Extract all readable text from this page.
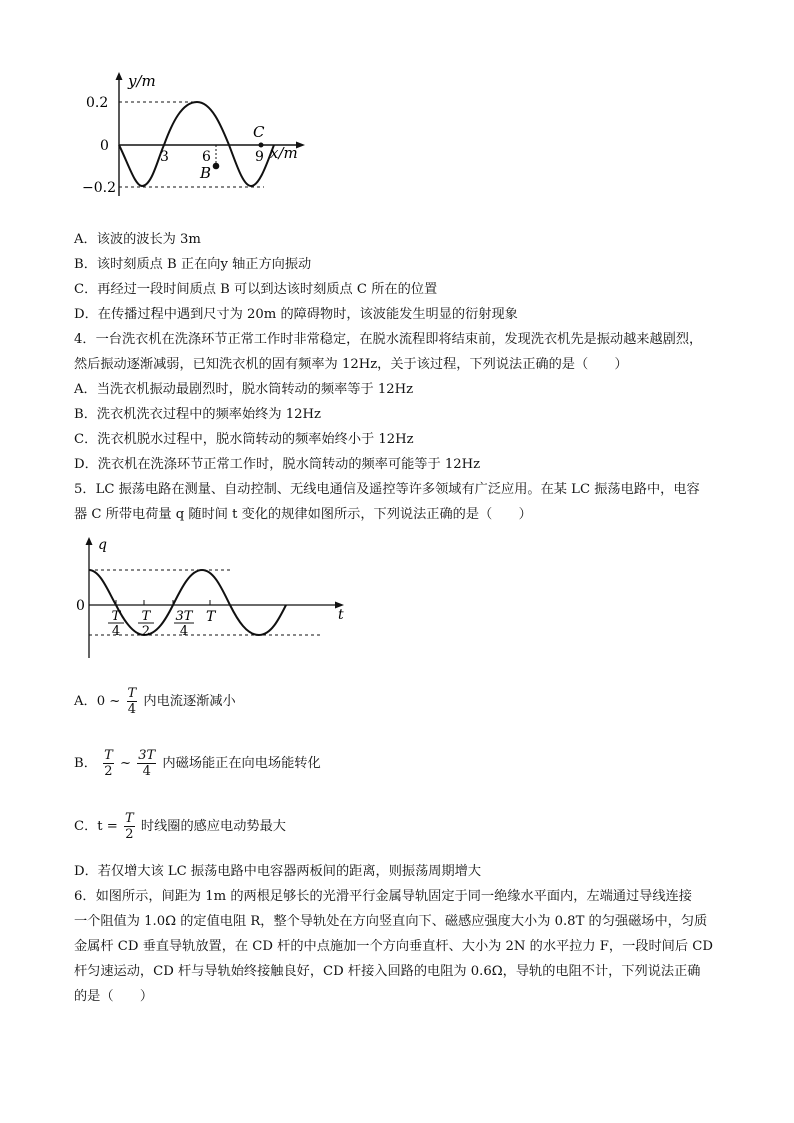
y/m
0.2
0
−0.2
3 6	9 x/m
B
C
A．该波的波长为 3m
B．该时刻质点 B 正在向y 轴正方向振动
C．再经过一段时间质点 B 可以到达该时刻质点 C 所在的位置
D．在传播过程中遇到尺寸为 20m 的障碍物时，该波能发生明显的衍射现象
4．一台洗衣机在洗涤环节正常工作时非常稳定，在脱水流程即将结束前，发现洗衣机先是振动越来越剧烈，
然后振动逐渐减弱，已知洗衣机的固有频率为 12Hz，关于该过程，下列说法正确的是（　　）
A．当洗衣机振动最剧烈时，脱水筒转动的频率等于 12Hz
B．洗衣机洗衣过程中的频率始终为 12Hz
C．洗衣机脱水过程中，脱水筒转动的频率始终小于 12Hz
D．洗衣机在洗涤环节正常工作时，脱水筒转动的频率可能等于 12Hz
5．LC 振荡电路在测量、自动控制、无线电通信及遥控等许多领域有广泛应用。在某 LC 振荡电路中，电容
器 C 所带电荷量 q 随时间 t 变化的规律如图所示，下列说法正确的是（　　）
q
0
t
T
T
4
T
2
3T
4
A．0 ~ $\frac{T}{4}$ 内电流逐渐减小
B． $\frac{T}{2}$ ~ $\frac{3T}{4}$ 内磁场能正在向电场能转化
C．$t = \frac{T}{2}$ 时线圈的感应电动势最大
D．若仅增大该 LC 振荡电路中电容器两板间的距离，则振荡周期增大
6．如图所示，间距为 1m 的两根足够长的光滑平行金属导轨固定于同一绝缘水平面内，左端通过导线连接
一个阻值为 1.0Ω 的定值电阻 R，整个导轨处在方向竖直向下、磁感应强度大小为 0.8T 的匀强磁场中，匀质
金属杆 CD 垂直导轨放置，在 CD 杆的中点施加一个方向垂直杆、大小为 2N 的水平拉力 F，一段时间后 CD
杆匀速运动，CD 杆与导轨始终接触良好，CD 杆接入回路的电阻为 0.6Ω，导轨的电阻不计，下列说法正确
的是（　　）
